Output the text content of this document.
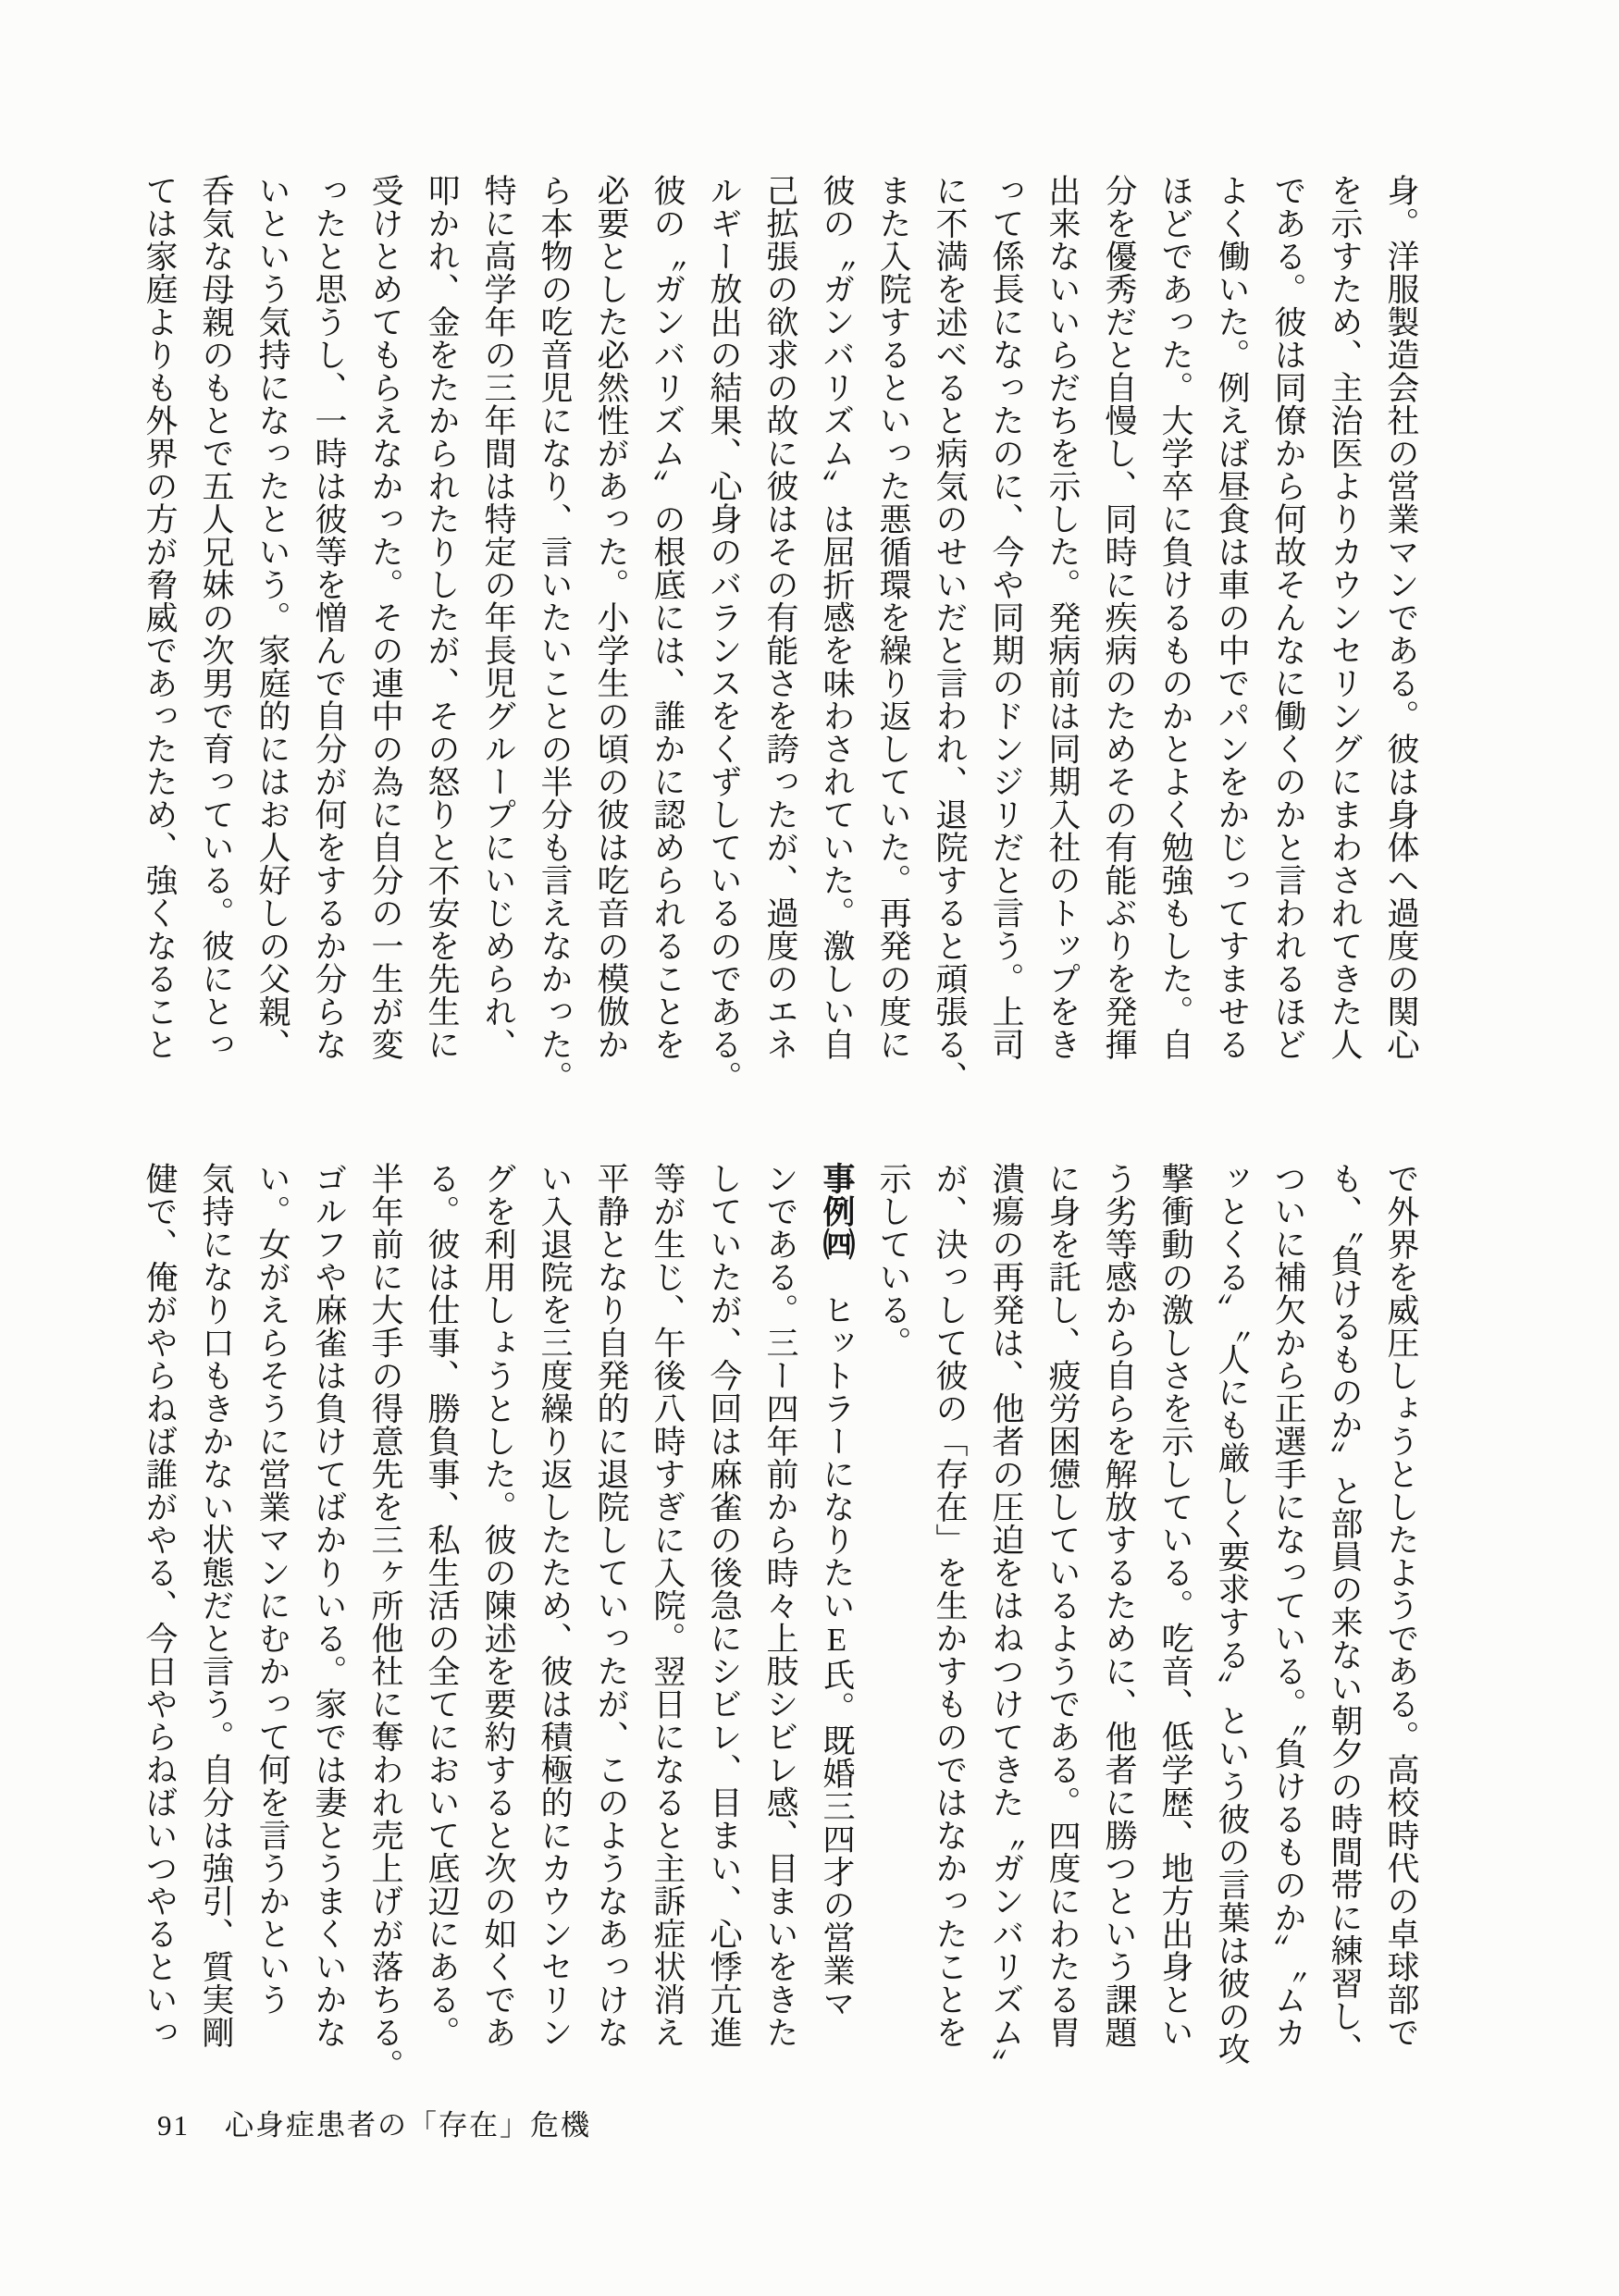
身。洋服製造会社の営業マンである。彼は身体へ過度の関心

を示すため、主治医よりカウンセリングにまわされてきた人

である。彼は同僚から何故そんなに働くのかと言われるほど

よく働いた。例えば昼食は車の中でパンをかじってすませる

ほどであった。大学卒に負けるものかとよく勉強もした。自

分を優秀だと自慢し、同時に疾病のためその有能ぶりを発揮

出来ないいらだちを示した。発病前は同期入社のトップをき

って係長になったのに、今や同期のドンジリだと言う。上司

に不満を述べると病気のせいだと言われ、退院すると頑張る、

また入院するといった悪循環を繰り返していた。再発の度に

彼の〝ガンバリズム〟は屈折感を味わされていた。激しい自

己拡張の欲求の故に彼はその有能さを誇ったが、過度のエネ

ルギー放出の結果、心身のバランスをくずしているのである。

彼の〝ガンバリズム〟の根底には、誰かに認められることを

必要とした必然性があった。小学生の頃の彼は吃音の模倣か

ら本物の吃音児になり、言いたいことの半分も言えなかった。

特に高学年の三年間は特定の年長児グループにいじめられ、

叩かれ、金をたかられたりしたが、その怒りと不安を先生に

受けとめてもらえなかった。その連中の為に自分の一生が変

ったと思うし、一時は彼等を憎んで自分が何をするか分らな

いという気持になったという。家庭的にはお人好しの父親、

呑気な母親のもとで五人兄妹の次男で育っている。彼にとっ

ては家庭よりも外界の方が脅威であったため、強くなること

で外界を威圧しょうとしたようである。高校時代の卓球部で

も、〝負けるものか〟と部員の来ない朝夕の時間帯に練習し、

ついに補欠から正選手になっている。〝負けるものか〟〝ムカ

ッとくる〟〝人にも厳しく要求する〟という彼の言葉は彼の攻

撃衝動の激しさを示している。吃音、低学歴、地方出身とい

う劣等感から自らを解放するために、他者に勝つという課題

に身を託し、疲労困憊しているようである。四度にわたる胃

潰瘍の再発は、他者の圧迫をはねつけてきた〝ガンバリズム〟

が、決っして彼の「存在」を生かすものではなかったことを

示している。

事例㈣　ヒットラーになりたいE氏。既婚三四才の営業マ

ンである。三ー四年前から時々上肢シビレ感、目まいをきた

していたが、今回は麻雀の後急にシビレ、目まい、心悸亢進

等が生じ、午後八時すぎに入院。翌日になると主訴症状消え

平静となり自発的に退院していったが、このようなあっけな

い入退院を三度繰り返したため、彼は積極的にカウンセリン

グを利用しょうとした。彼の陳述を要約すると次の如くであ

る。彼は仕事、勝負事、私生活の全てにおいて底辺にある。

半年前に大手の得意先を三ヶ所他社に奪われ売上げが落ちる。

ゴルフや麻雀は負けてばかりいる。家では妻とうまくいかな

い。女がえらそうに営業マンにむかって何を言うかという

気持になり口もきかない状態だと言う。自分は強引、質実剛

健で、俺がやらねば誰がやる、今日やらねばいつやるといっ

91 心身症患者の「存在」危機
